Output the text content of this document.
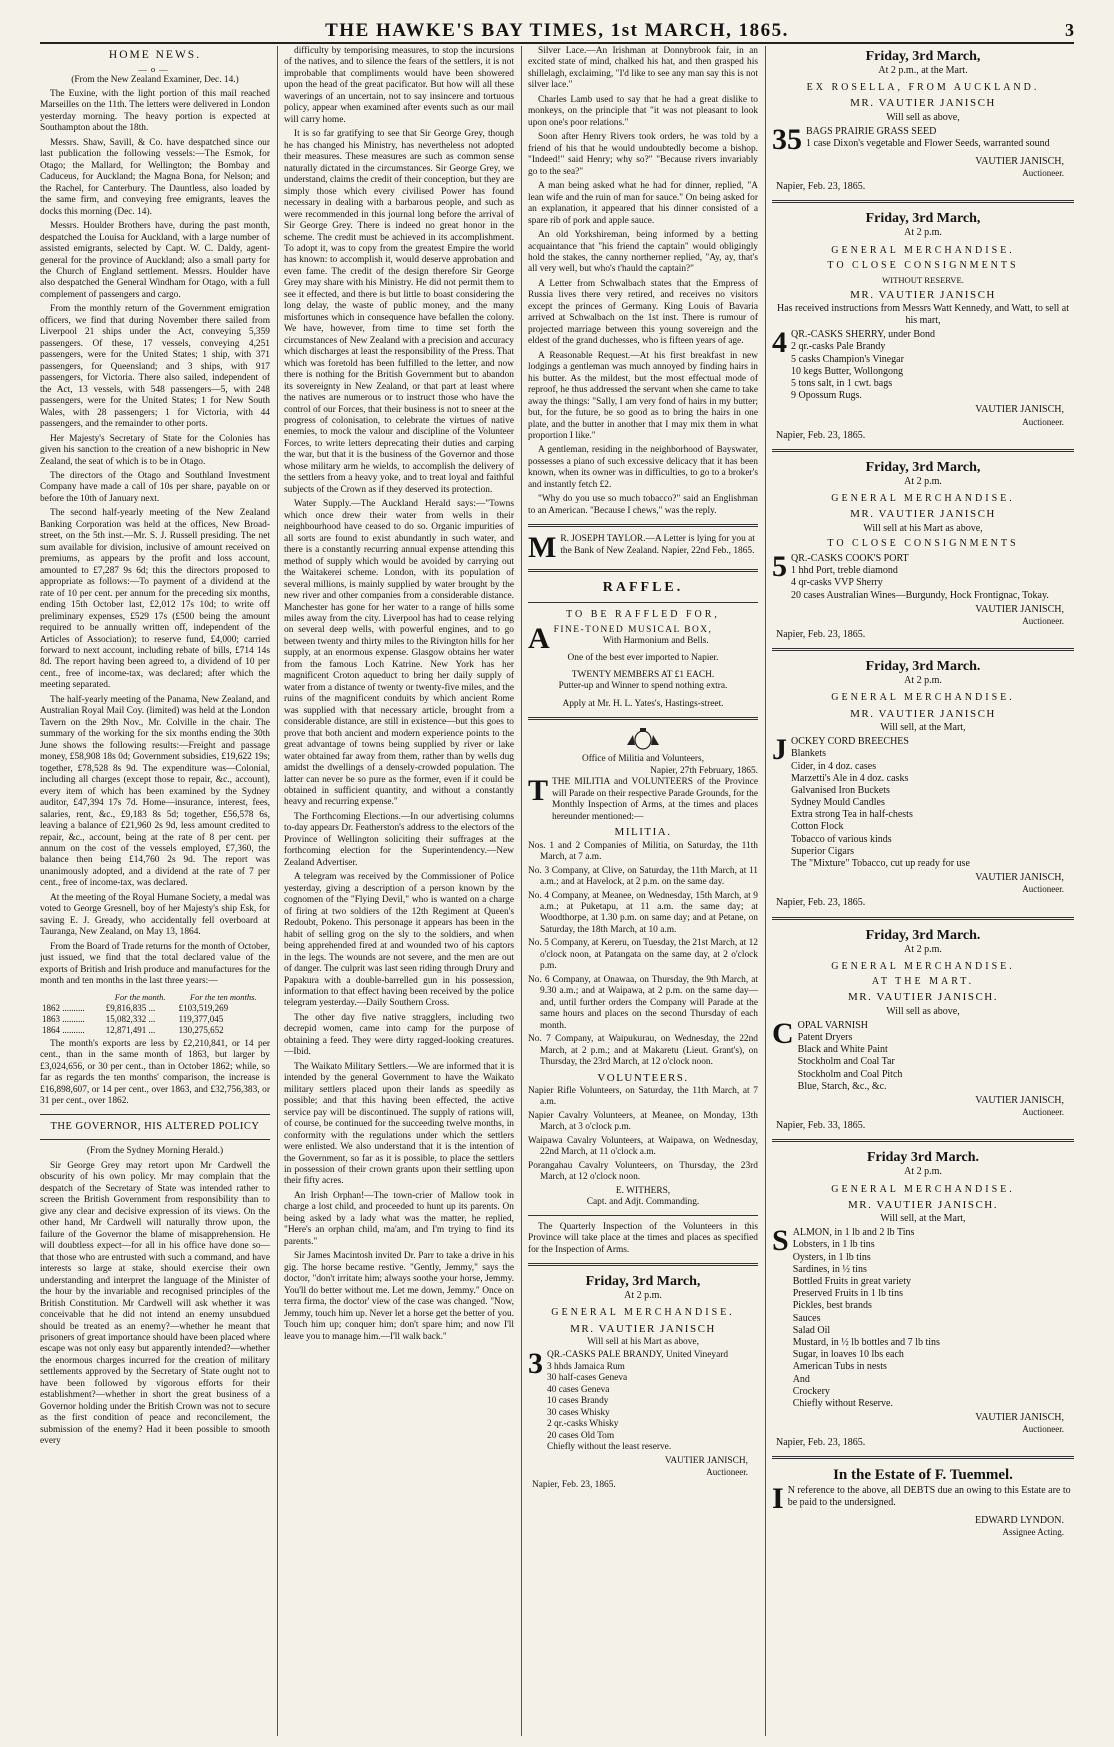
THE HAWKE'S BAY TIMES, 1st MARCH, 1865.	3
HOME NEWS.
—o—

(From the New Zealand Examiner, Dec. 14.)

The Euxine, with the light portion of this mail reached Marseilles on the 11th. The letters were delivered in London yesterday morning. The heavy portion is expected at Southampton about the 18th.

Messrs. Shaw, Savill, & Co. have despatched since our last publication the following vessels:—The Esmok, for Otago; the Mallard, for Wellington; the Bombay and Caduceus, for Auckland; the Magna Bona, for Nelson; and the Rachel, for Canterbury. The Dauntless, also loaded by the same firm, and conveying free emigrants, leaves the docks this morning (Dec. 14).

Messrs. Houlder Brothers have, during the past month, despatched the Louisa for Auckland, with a large number of assisted emigrants, selected by Capt. W. C. Daldy, agent-general for the province of Auckland; also a small party for the Church of England settlement. Messrs. Houlder have also despatched the General Windham for Otago, with a full complement of passengers and cargo.

From the monthly return of the Government emigration officers, we find that during November there sailed from Liverpool 21 ships under the Act, conveying 5,359 passengers. Of these, 17 vessels, conveying 4,251 passengers, were for the United States; 1 ship, with 371 passengers, for Queensland; and 3 ships, with 917 passengers, for Victoria. There also sailed, independent of the Act, 13 vessels, with 548 passengers—5, with 248 passengers, were for the United States; 1 for New South Wales, with 28 passengers; 1 for Victoria, with 44 passengers, and the remainder to other ports.

Her Majesty's Secretary of State for the Colonies has given his sanction to the creation of a new bishopric in New Zealand, the seat of which is to be in Otago.

The directors of the Otago and Southland Investment Company have made a call of 10s per share, payable on or before the 10th of January next.

The second half-yearly meeting of the New Zealand Banking Corporation was held at the offices, New Broad-street, on the 5th inst.—Mr. S. J. Russell presiding. The net sum available for division, inclusive of amount received on premiums, as appears by the profit and loss account, amounted to £7,287 9s 6d; this the directors proposed to appropriate as follows:—To payment of a dividend at the rate of 10 per cent. per annum for the preceding six months, ending 15th October last, £2,012 17s 10d; to write off preliminary expenses, £529 17s (£500 being the amount required to be annually written off, independent of the Articles of Association); to reserve fund, £4,000; carried forward to next account, including rebate of bills, £714 14s 8d. The report having been agreed to, a dividend of 10 per cent., free of income-tax, was declared; after which the meeting separated.

The half-yearly meeting of the Panama, New Zealand, and Australian Royal Mail Coy. (limited) was held at the London Tavern on the 29th Nov., Mr. Colville in the chair. The summary of the working for the six months ending the 30th June shows the following results:—Freight and passage money, £58,908 18s 0d; Government subsidies, £19,622 19s; together, £78,528 8s 9d. The expenditure was—Colonial, including all charges (except those to repair, &c., account), every item of which has been examined by the Sydney auditor, £47,394 17s 7d. Home—insurance, interest, fees, salaries, rent, &c., £9,183 8s 5d; together, £56,578 6s, leaving a balance of £21,960 2s 9d, less amount credited to repair, &c., account, being at the rate of 8 per cent. per annum on the cost of the vessels employed, £7,360, the balance then being £14,760 2s 9d. The report was unanimously adopted, and a dividend at the rate of 7 per cent., free of income-tax, was declared.

At the meeting of the Royal Humane Society, a medal was voted to George Gresnell, boy of her Majesty's ship Esk, for saving E. J. Gready, who accidentally fell overboard at Tauranga, New Zealand, on May 13, 1864.

From the Board of Trade returns for the month of October, just issued, we find that the total declared value of the exports of British and Irish produce and manufactures for the month and ten months in the last three years:—

	For the month.	For the ten months.
1862 ..........	£9,816,835 ...	£103,519,269
1863 ..........	15,082,332 ...	119,377,045
1864 ..........	12,871,491 ...	130,275,652

The month's exports are less by £2,210,841, or 14 per cent., than in the same month of 1863, but larger by £3,024,656, or 30 per cent., than in October 1862; while, so far as regards the ten months' comparison, the increase is £16,898,607, or 14 per cent., over 1863, and £32,756,383, or 31 per cent., over 1862.

THE GOVERNOR, HIS ALTERED POLICY

(From the Sydney Morning Herald.)

Sir George Grey may retort upon Mr Cardwell the obscurity of his own policy. Mr may complain that the despatch of the Secretary of State was intended rather to screen the British Government from responsibility than to give any clear and decisive expression of its views. On the other hand, Mr Cardwell will naturally throw upon, the failure of the Governor the blame of misapprehension. He will doubtless expect—for all in his office have done so—that those who are entrusted with such a command, and have interests so large at stake, should exercise their own understanding and interpret the language of the Minister of the hour by the invariable and recognised principles of the British Constitution. Mr Cardwell will ask whether it was conceivable that he did not intend an enemy unsubdued should be treated as an enemy?—whether he meant that prisoners of great importance should have been placed where escape was not only easy but apparently intended?—whether the enormous charges incurred for the creation of military settlements approved by the Secretary of State ought not to have been followed by vigorous efforts for their establishment?—whether in short the great business of a Governor holding under the British Crown was not to secure as the first condition of peace and reconcilement, the submission of the enemy? Had it been possible to smooth every

difficulty by temporising measures, to stop the incursions of the natives, and to silence the fears of the settlers, it is not improbable that compliments would have been showered upon the head of the great pacificator. But how will all these waverings of an uncertain, not to say insincere and tortuous policy, appear when examined after events such as our mail will carry home.

It is so far gratifying to see that Sir George Grey, though he has changed his Ministry, has nevertheless not adopted their measures. These measures are such as common sense naturally dictated in the circumstances. Sir George Grey, we understand, claims the credit of their conception, but they are simply those which every civilised Power has found necessary in dealing with a barbarous people, and such as were recommended in this journal long before the arrival of Sir George Grey. There is indeed no great honor in the scheme. The credit must be achieved in its accomplishment. To adopt it, was to copy from the greatest Empire the world has known: to accomplish it, would deserve approbation and even fame. The credit of the design therefore Sir George Grey may share with his Ministry. He did not permit them to see it effected, and there is but little to boast considering the long delay, the waste of public money, and the many misfortunes which in consequence have befallen the colony. We have, however, from time to time set forth the circumstances of New Zealand with a precision and accuracy which discharges at least the responsibility of the Press. That which was foretold has been fulfilled to the letter, and now there is nothing for the British Government but to abandon its sovereignty in New Zealand, or that part at least where the natives are numerous or to instruct those who have the control of our Forces, that their business is not to sneer at the progress of colonisation, to celebrate the virtues of native enemies, to mock the valour and discipline of the Volunteer Forces, to write letters deprecating their duties and carping the war, but that it is the business of the Governor and those whose military arm he wields, to accomplish the delivery of the settlers from a heavy yoke, and to treat loyal and faithful subjects of the Crown as if they deserved its protection.

Water Supply.—The Auckland Herald says:—"Towns which once drew their water from wells in their neighbourhood have ceased to do so. Organic impurities of all sorts are found to exist abundantly in such water, and there is a constantly recurring annual expense attending this method of supply which would be avoided by carrying out the Waitakerei scheme. London, with its population of several millions, is mainly supplied by water brought by the new river and other companies from a considerable distance. Manchester has gone for her water to a range of hills some miles away from the city. Liverpool has had to cease relying on several deep wells, with powerful engines, and to go between twenty and thirty miles to the Rivington hills for her supply, at an enormous expense. Glasgow obtains her water from the famous Loch Katrine. New York has her magnificent Croton aqueduct to bring her daily supply of water from a distance of twenty or twenty-five miles, and the ruins of the magnificent conduits by which ancient Rome was supplied with that necessary article, brought from a considerable distance, are still in existence—but this goes to prove that both ancient and modern experience points to the great advantage of towns being supplied by river or lake water obtained far away from them, rather than by wells dug amidst the dwellings of a densely-crowded population. The latter can never be so pure as the former, even if it could be obtained in sufficient quantity, and without a constantly heavy and recurring expense."

The Forthcoming Elections.—In our advertising columns to-day appears Dr. Featherston's address to the electors of the Province of Wellington soliciting their suffrages at the forthcoming election for the Superintendency.—New Zealand Advertiser.

A telegram was received by the Commissioner of Police yesterday, giving a description of a person known by the cognomen of the "Flying Devil," who is wanted on a charge of firing at two soldiers of the 12th Regiment at Queen's Redoubt, Pokeno. This personage it appears has been in the habit of selling grog on the sly to the soldiers, and when being apprehended fired at and wounded two of his captors in the legs. The wounds are not severe, and the men are out of danger. The culprit was last seen riding through Drury and Papakura with a double-barrelled gun in his possession, information to that effect having been received by the police telegram yesterday.—Daily Southern Cross.

The other day five native stragglers, including two decrepid women, came into camp for the purpose of obtaining a feed. They were dirty ragged-looking creatures.—Ibid.

The Waikato Military Settlers.—We are informed that it is intended by the general Government to have the Waikato military settlers placed upon their lands as speedily as possible; and that this having been effected, the active service pay will be discontinued. The supply of rations will, of course, be continued for the succeeding twelve months, in conformity with the regulations under which the settlers were enlisted. We also understand that it is the intention of the Government, so far as it is possible, to place the settlers in possession of their crown grants upon their settling upon their fifty acres.

An Irish Orphan!—The town-crier of Mallow took in charge a lost child, and proceeded to hunt up its parents. On being asked by a lady what was the matter, he replied, "Here's an orphan child, ma'am, and I'm trying to find its parents."

Sir James Macintosh invited Dr. Parr to take a drive in his gig. The horse became restive. "Gently, Jemmy," says the doctor, "don't irritate him; always soothe your horse, Jemmy. You'll do better without me. Let me down, Jemmy." Once on terra firma, the doctor' view of the case was changed. "Now, Jemmy, touch him up. Never let a horse get the better of you. Touch him up; conquer him; don't spare him; and now I'll leave you to manage him.—I'll walk back."

Silver Lace.—An Irishman at Donnybrook fair, in an excited state of mind, chalked his hat, and then grasped his shillelagh, exclaiming, "I'd like to see any man say this is not silver lace."

Charles Lamb used to say that he had a great dislike to monkeys, on the principle that "it was not pleasant to look upon one's poor relations."

Soon after Henry Rivers took orders, he was told by a friend of his that he would undoubtedly become a bishop. "Indeed!" said Henry; why so?" "Because rivers invariably go to the sea?"

A man being asked what he had for dinner, replied, "A lean wife and the ruin of man for sauce." On being asked for an explanation, it appeared that his dinner consisted of a spare rib of pork and apple sauce.

An old Yorkshireman, being informed by a betting acquaintance that "his friend the captain" would obligingly hold the stakes, the canny northerner replied, "Ay, ay, that's all very well, but who's t'hauld the captain?"

A Letter from Schwalbach states that the Empress of Russia lives there very retired, and receives no visitors except the princes of Germany. King Louis of Bavaria arrived at Schwalbach on the 1st inst. There is rumour of projected marriage between this young sovereign and the eldest of the grand duchesses, who is fifteen years of age.

A Reasonable Request.—At his first breakfast in new lodgings a gentleman was much annoyed by finding hairs in his butter. As the mildest, but the most effectual mode of reproof, he thus addressed the servant when she came to take away the things: "Sally, I am very fond of hairs in my butter; but, for the future, be so good as to bring the hairs in one plate, and the butter in another that I may mix them in what proportion I like."

A gentleman, residing in the neighborhood of Bayswater, possesses a piano of such excessive delicacy that it has been known, when its owner was in difficulties, to go to a broker's and instantly fetch £2.

"Why do you use so much tobacco?" said an Englishman to an American. "Because I chews," was the reply.

M R. JOSEPH TAYLOR.—A Letter is lying for you at the Bank of New Zealand. Napier, 22nd Feb., 1865.
RAFFLE.
TO BE RAFFLED FOR,
A FINE-TONED MUSICAL BOX,
With Harmonium and Bells.
One of the best ever imported to Napier.
TWENTY MEMBERS AT £1 EACH.
Putter-up and Winner to spend nothing extra.
Apply at Mr. H. L. Yates's, Hastings-street.
Office of Militia and Volunteers,
Napier, 27th February, 1865.
T THE MILITIA and VOLUNTEERS of the Province will Parade on their respective Parade Grounds, for the Monthly Inspection of Arms, at the times and places hereunder mentioned:—
MILITIA.
Nos. 1 and 2 Companies of Militia, on Saturday, the 11th March, at 7 a.m.
No. 3 Company, at Clive, on Saturday, the 11th March, at 11 a.m.; and at Havelock, at 2 p.m. on the same day.
No. 4 Company, at Meanee, on Wednesday, 15th March, at 9 a.m.; at Puketapu, at 11 a.m. the same day; at Woodthorpe, at 1.30 p.m. on same day; and at Petane, on Saturday, the 18th March, at 10 a.m.
No. 5 Company, at Kereru, on Tuesday, the 21st March, at 12 o'clock noon, at Patangata on the same day, at 2 o'clock p.m.
No. 6 Company, at Onawaa, on Thursday, the 9th March, at 9.30 a.m.; and at Waipawa, at 2 p.m. on the same day—and, until further orders the Company will Parade at the same hours and places on the second Thursday of each month.
No. 7 Company, at Waipukurau, on Wednesday, the 22nd March, at 2 p.m.; and at Makaretu (Lieut. Grant's), on Thursday, the 23rd March, at 12 o'clock noon.
VOLUNTEERS.
Napier Rifle Volunteers, on Saturday, the 11th March, at 7 a.m.
Napier Cavalry Volunteers, at Meanee, on Monday, 13th March, at 3 o'clock p.m.
Waipawa Cavalry Volunteers, at Waipawa, on Wednesday, 22nd March, at 11 o'clock a.m.
Porangahau Cavalry Volunteers, on Thursday, the 23rd March, at 12 o'clock noon.
E. WITHERS,
Capt. and Adjt. Commanding.

The Quarterly Inspection of the Volunteers in this Province will take place at the times and places as specified for the Inspection of Arms.

Friday, 3rd March,
At 2 p.m.
GENERAL MERCHANDISE.
MR. VAUTIER JANISCH
Will sell at his Mart as above,
3 QR.-CASKS PALE BRANDY, United Vineyard
3 hhds Jamaica Rum
30 half-cases Geneva
40 cases Geneva
10 cases Brandy
30 cases Whisky
2 qr.-casks Whisky
20 cases Old Tom
Chiefly without the least reserve.
VAUTIER JANISCH,
Auctioneer.
Napier, Feb. 23, 1865.
Friday, 3rd March,
At 2 p.m., at the Mart.
EX ROSELLA, FROM AUCKLAND.
MR. VAUTIER JANISCH
Will sell as above,
35 BAGS PRAIRIE GRASS SEED
1 case Dixon's vegetable and Flower Seeds, warranted sound
VAUTIER JANISCH,
Auctioneer.
Napier, Feb. 23, 1865.
Friday, 3rd March,
At 2 p.m.
GENERAL MERCHANDISE.
TO CLOSE CONSIGNMENTS
WITHOUT RESERVE.
MR. VAUTIER JANISCH
Has received instructions from Messrs Watt Kennedy, and Watt, to sell at his mart,
4 QR.-CASKS SHERRY, under Bond
2 qr.-casks Pale Brandy
5 casks Champion's Vinegar
10 kegs Butter, Wollongong
5 tons salt, in 1 cwt. bags
9 Opossum Rugs.
VAUTIER JANISCH,
Auctioneer.
Napier, Feb. 23, 1865.
Friday, 3rd March,
At 2 p.m.
GENERAL MERCHANDISE.
MR. VAUTIER JANISCH
Will sell at his Mart as above,
TO CLOSE CONSIGNMENTS
5 QR.-CASKS COOK'S PORT
1 hhd Port, treble diamond
4 qr-casks VVP Sherry
20 cases Australian Wines—Burgundy, Hock Frontignac, Tokay.
VAUTIER JANISCH,
Auctioneer.
Napier, Feb. 23, 1865.
Friday, 3rd March.
At 2 p.m.
GENERAL MERCHANDISE.
MR. VAUTIER JANISCH
Will sell, at the Mart,
J OCKEY CORD BREECHES
Blankets
Cider, in 4 doz. cases
Marzetti's Ale in 4 doz. casks
Galvanised Iron Buckets
Sydney Mould Candles
Extra strong Tea in half-chests
Cotton Flock
Tobacco of various kinds
Superior Cigars
The "Mixture" Tobacco, cut up ready for use
VAUTIER JANISCH,
Auctioneer.
Napier, Feb. 23, 1865.
Friday, 3rd March.
At 2 p.m.
GENERAL MERCHANDISE.
AT THE MART.
MR. VAUTIER JANISCH.
Will sell as above,
C OPAL VARNISH
Patent Dryers
Black and White Paint
Stockholm and Coal Tar
Stockholm and Coal Pitch
Blue, Starch, &c., &c.
VAUTIER JANISCH,
Auctioneer.
Napier, Feb. 33, 1865.
Friday 3rd March.
At 2 p.m.
GENERAL MERCHANDISE.
MR. VAUTIER JANISCH.
Will sell, at the Mart,
S ALMON, in 1 lb and 2 lb Tins
Lobsters, in 1 lb tins
Oysters, in 1 lb tins
Sardines, in ½ tins
Bottled Fruits in great variety
Preserved Fruits in 1 lb tins
Pickles, best brands
Sauces
Salad Oil
Mustard, in ½ lb bottles and 7 lb tins
Sugar, in loaves 10 lbs each
American Tubs in nests
And
Crockery
Chiefly without Reserve.
VAUTIER JANISCH,
Auctioneer.
Napier, Feb. 23, 1865.
In the Estate of F. Tuemmel.
I N reference to the above, all DEBTS due an owing to this Estate are to be paid to the undersigned.
EDWARD LYNDON.
Assignee Acting.
